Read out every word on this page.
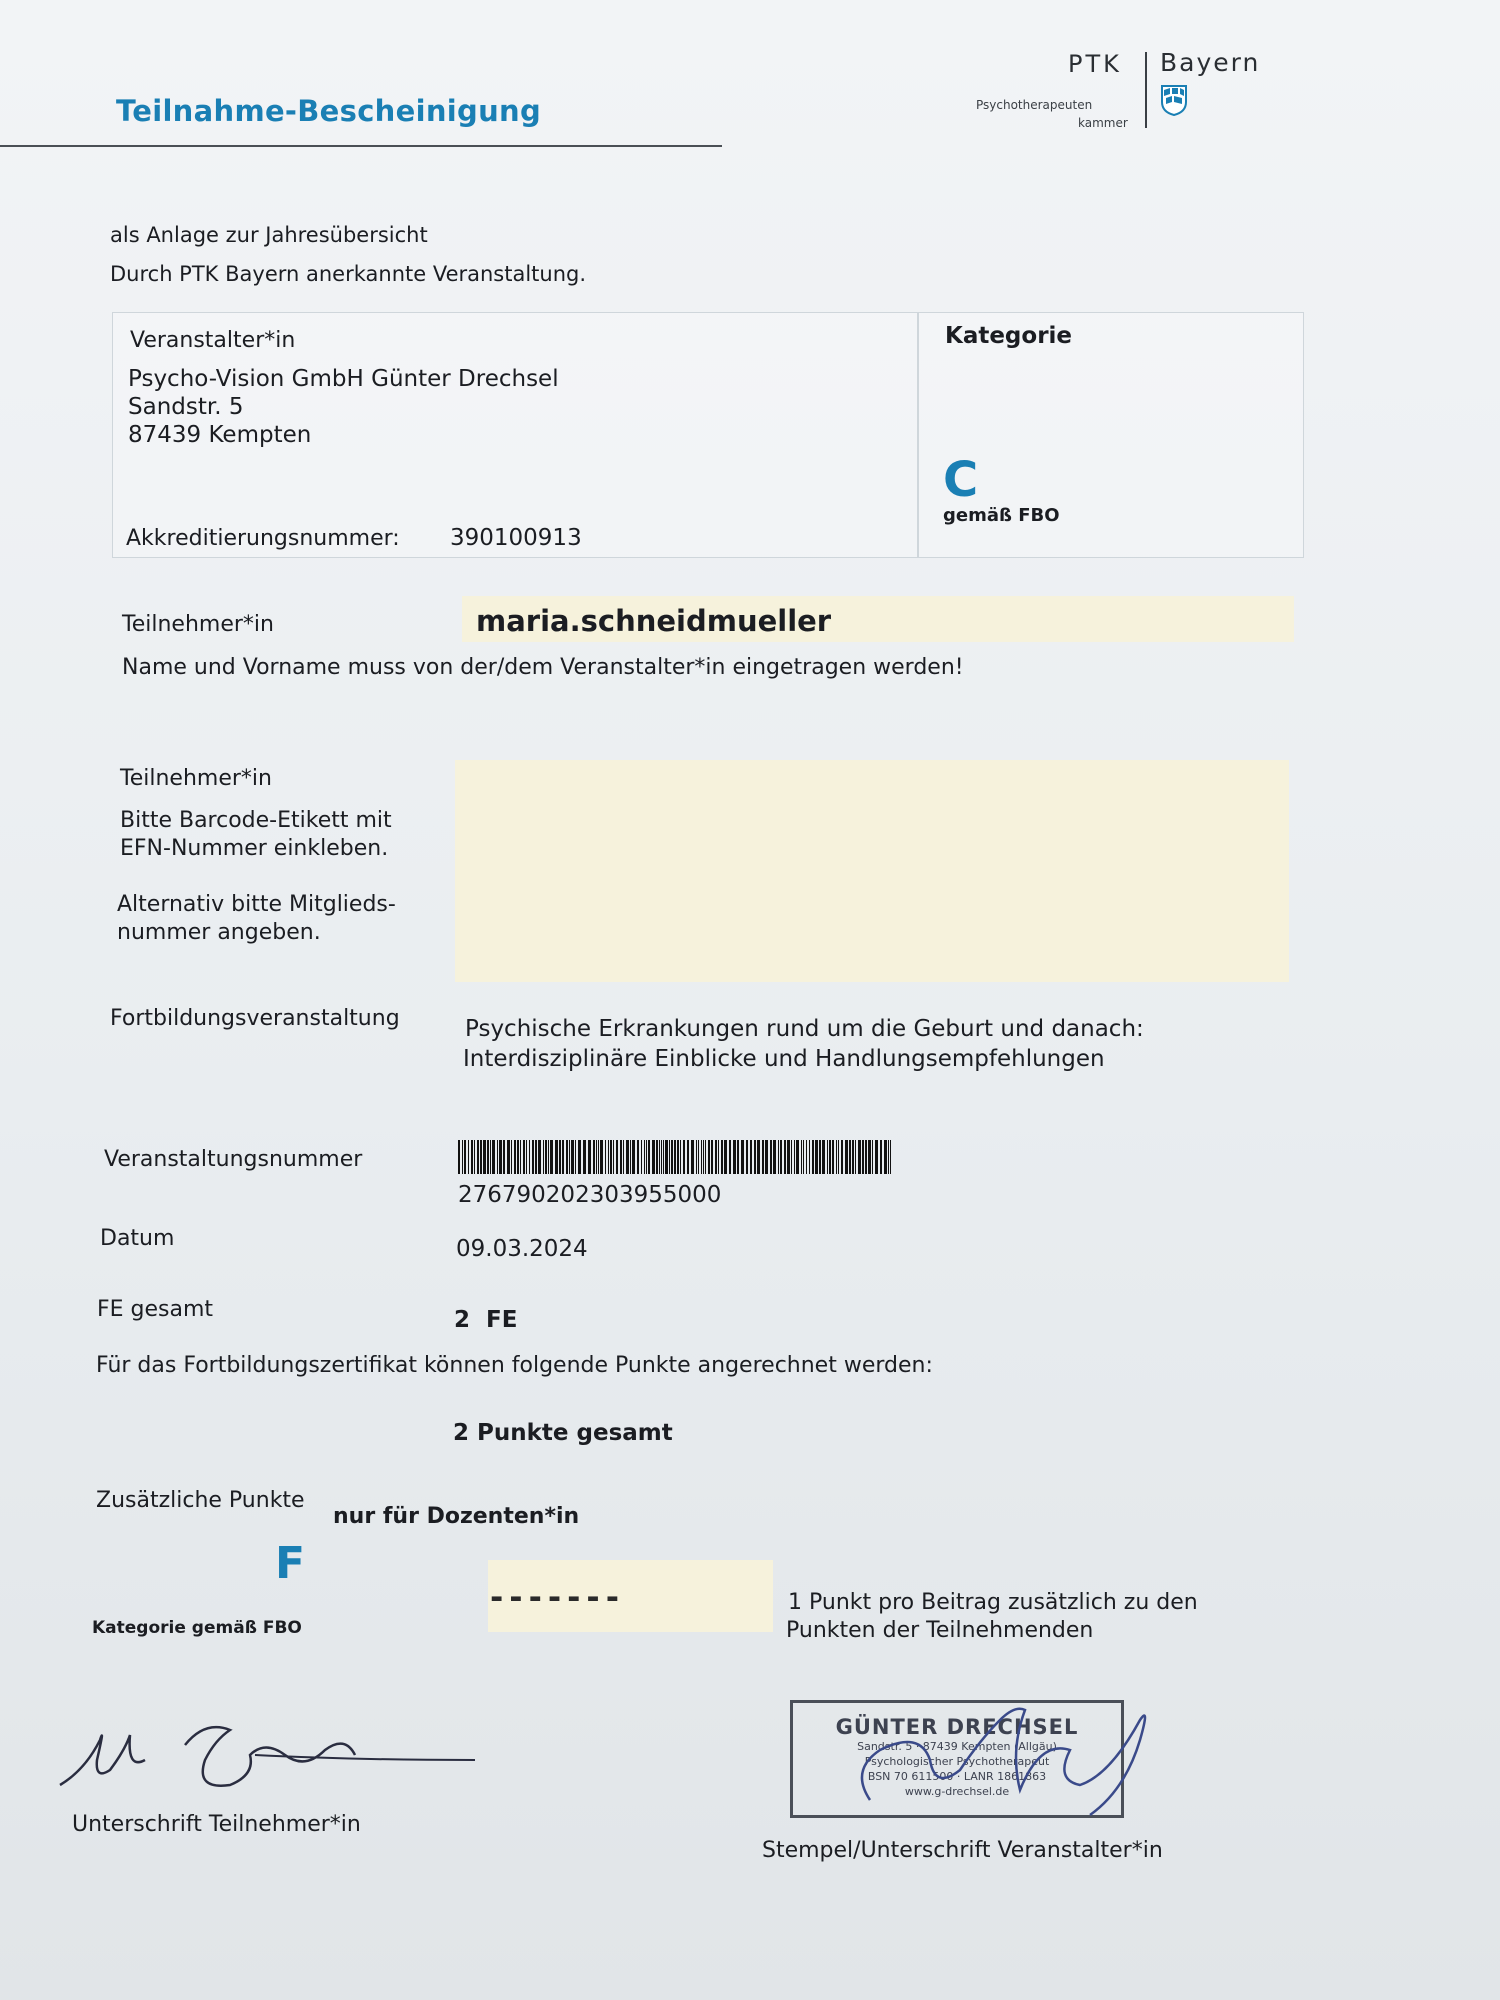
Teilnahme-Bescheinigung
PTK Bayern
Psychotherapeuten
kammer
als Anlage zur Jahresübersicht
Durch PTK Bayern anerkannte Veranstaltung.
Veranstalter*in
Psycho-Vision GmbH Günter Drechsel
Sandstr. 5
87439 Kempten
Akkreditierungsnummer: 390100913
Kategorie
C
gemäß FBO
Teilnehmer*in	maria.schneidmueller
Name und Vorname muss von der/dem Veranstalter*in eingetragen werden!
Teilnehmer*in
Bitte Barcode-Etikett mit
EFN-Nummer einkleben.
Alternativ bitte Mitglieds-
nummer angeben.
Fortbildungsveranstaltung	Psychische Erkrankungen rund um die Geburt und danach:
Interdisziplinäre Einblicke und Handlungsempfehlungen
Veranstaltungsnummer
276790202303955000
Datum	09.03.2024
FE gesamt	2  FE
Für das Fortbildungszertifikat können folgende Punkte angerechnet werden:
2 Punkte gesamt
Zusätzliche Punkte
nur für Dozenten*in
F
Kategorie gemäß FBO
-------	1 Punkt pro Beitrag zusätzlich zu den
Punkten der Teilnehmenden
Unterschrift Teilnehmer*in
GÜNTER DRECHSEL
Sandstr. 5 · 87439 Kempten (Allgäu)
Psychologischer Psychotherapeut
BSN 70 611500 · LANR 1861863
www.g-drechsel.de
Stempel/Unterschrift Veranstalter*in
